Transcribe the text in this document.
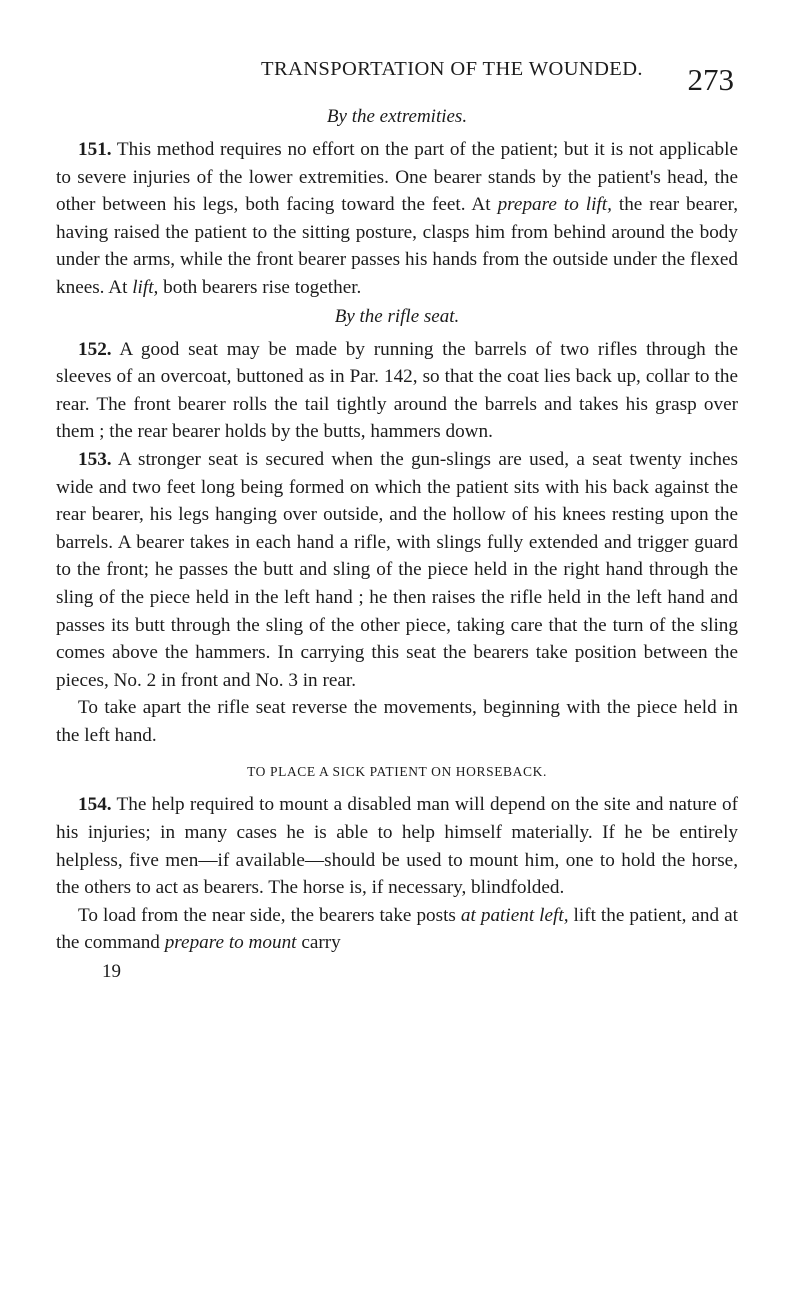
TRANSPORTATION OF THE WOUNDED. 273
By the extremities.

151. This method requires no effort on the part of the patient; but it is not applicable to severe injuries of the lower extremities. One bearer stands by the patient's head, the other between his legs, both facing toward the feet. At prepare to lift, the rear bearer, having raised the patient to the sitting posture, clasps him from behind around the body under the arms, while the front bearer passes his hands from the outside under the flexed knees. At lift, both bearers rise together.

By the rifle seat.

152. A good seat may be made by running the barrels of two rifles through the sleeves of an overcoat, buttoned as in Par. 142, so that the coat lies back up, collar to the rear. The front bearer rolls the tail tightly around the barrels and takes his grasp over them ; the rear bearer holds by the butts, hammers down.

153. A stronger seat is secured when the gun-slings are used, a seat twenty inches wide and two feet long being formed on which the patient sits with his back against the rear bearer, his legs hanging over outside, and the hollow of his knees resting upon the barrels. A bearer takes in each hand a rifle, with slings fully extended and trigger guard to the front; he passes the butt and sling of the piece held in the right hand through the sling of the piece held in the left hand ; he then raises the rifle held in the left hand and passes its butt through the sling of the other piece, taking care that the turn of the sling comes above the hammers. In carrying this seat the bearers take position between the pieces, No. 2 in front and No. 3 in rear.

To take apart the rifle seat reverse the movements, beginning with the piece held in the left hand.

TO PLACE A SICK PATIENT ON HORSEBACK.

154. The help required to mount a disabled man will depend on the site and nature of his injuries; in many cases he is able to help himself materially. If he be entirely helpless, five men—if available—should be used to mount him, one to hold the horse, the others to act as bearers. The horse is, if necessary, blindfolded.

To load from the near side, the bearers take posts at patient left, lift the patient, and at the command prepare to mount carry

19
